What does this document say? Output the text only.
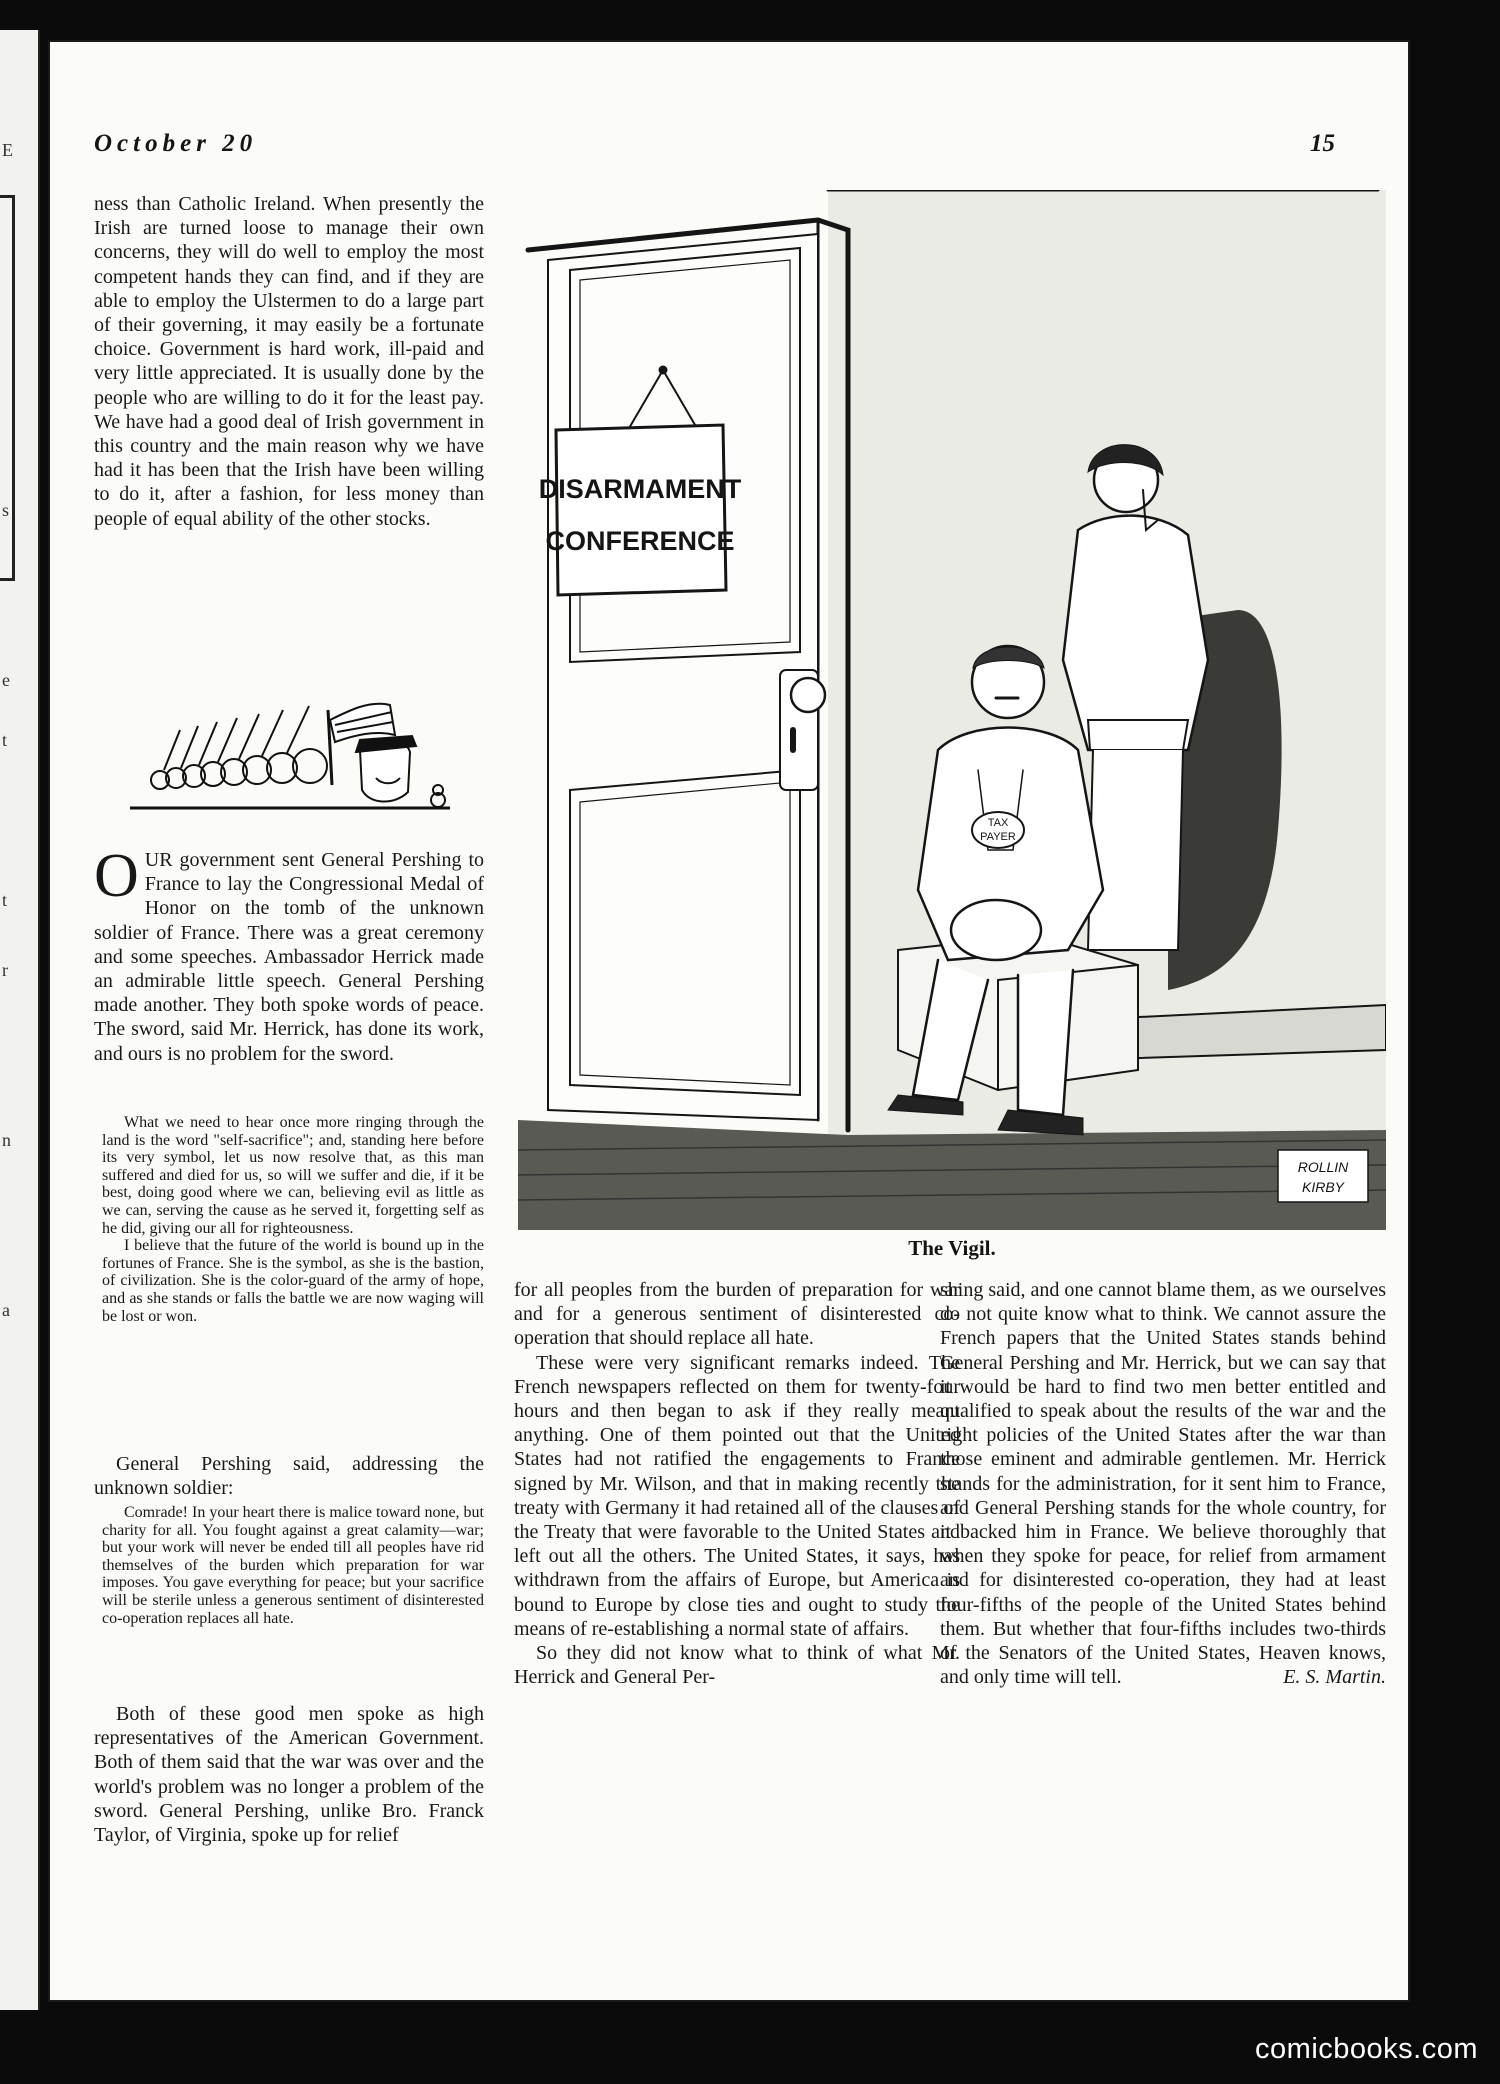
E
s
e
t
t
r
n
a
October 20	15

ness than Catholic Ireland. When presently the Irish are turned loose to manage their own concerns, they will do well to employ the most competent hands they can find, and if they are able to employ the Ulstermen to do a large part of their governing, it may easily be a fortunate choice. Government is hard work, ill-paid and very little appreciated. It is usually done by the people who are willing to do it for the least pay. We have had a good deal of Irish government in this country and the main reason why we have had it has been that the Irish have been willing to do it, after a fashion, for less money than people of equal ability of the other stocks.

OUR government sent General Pershing to France to lay the Congressional Medal of Honor on the tomb of the unknown soldier of France. There was a great ceremony and some speeches. Ambassador Herrick made an admirable little speech. General Pershing made another. They both spoke words of peace. The sword, said Mr. Herrick, has done its work, and ours is no problem for the sword.

What we need to hear once more ringing through the land is the word "self-sacrifice"; and, standing here before its very symbol, let us now resolve that, as this man suffered and died for us, so will we suffer and die, if it be best, doing good where we can, believing evil as little as we can, serving the cause as he served it, forgetting self as he did, giving our all for righteousness.

I believe that the future of the world is bound up in the fortunes of France. She is the symbol, as she is the bastion, of civilization. She is the color-guard of the army of hope, and as she stands or falls the battle we are now waging will be lost or won.

General Pershing said, addressing the unknown soldier:

Comrade! In your heart there is malice toward none, but charity for all. You fought against a great calamity—war; but your work will never be ended till all peoples have rid themselves of the burden which preparation for war imposes. You gave everything for peace; but your sacrifice will be sterile unless a generous sentiment of disinterested co-operation replaces all hate.

Both of these good men spoke as high representatives of the American Government. Both of them said that the war was over and the world's problem was no longer a problem of the sword. General Pershing, unlike Bro. Franck Taylor, of Virginia, spoke up for relief

DISARMAMENT
CONFERENCE
TAX
PAYER
ROLLIN
KIRBY
The Vigil.

for all peoples from the burden of preparation for war and for a generous sentiment of disinterested co-operation that should replace all hate.

These were very significant remarks indeed. The French newspapers reflected on them for twenty-four hours and then began to ask if they really meant anything. One of them pointed out that the United States had not ratified the engagements to France signed by Mr. Wilson, and that in making recently the treaty with Germany it had retained all of the clauses of the Treaty that were favorable to the United States and left out all the others. The United States, it says, has withdrawn from the affairs of Europe, but America is bound to Europe by close ties and ought to study the means of re-establishing a normal state of affairs.

So they did not know what to think of what Mr. Herrick and General Per-

shing said, and one cannot blame them, as we ourselves do not quite know what to think. We cannot assure the French papers that the United States stands behind General Pershing and Mr. Herrick, but we can say that it would be hard to find two men better entitled and qualified to speak about the results of the war and the right policies of the United States after the war than those eminent and admirable gentlemen. Mr. Herrick stands for the administration, for it sent him to France, and General Pershing stands for the whole country, for it backed him in France. We believe thoroughly that when they spoke for peace, for relief from armament and for disinterested co-operation, they had at least four-fifths of the people of the United States behind them. But whether that four-fifths includes two-thirds of the Senators of the United States, Heaven knows, and only time will tell.	E. S. Martin.

comicbooks.com
